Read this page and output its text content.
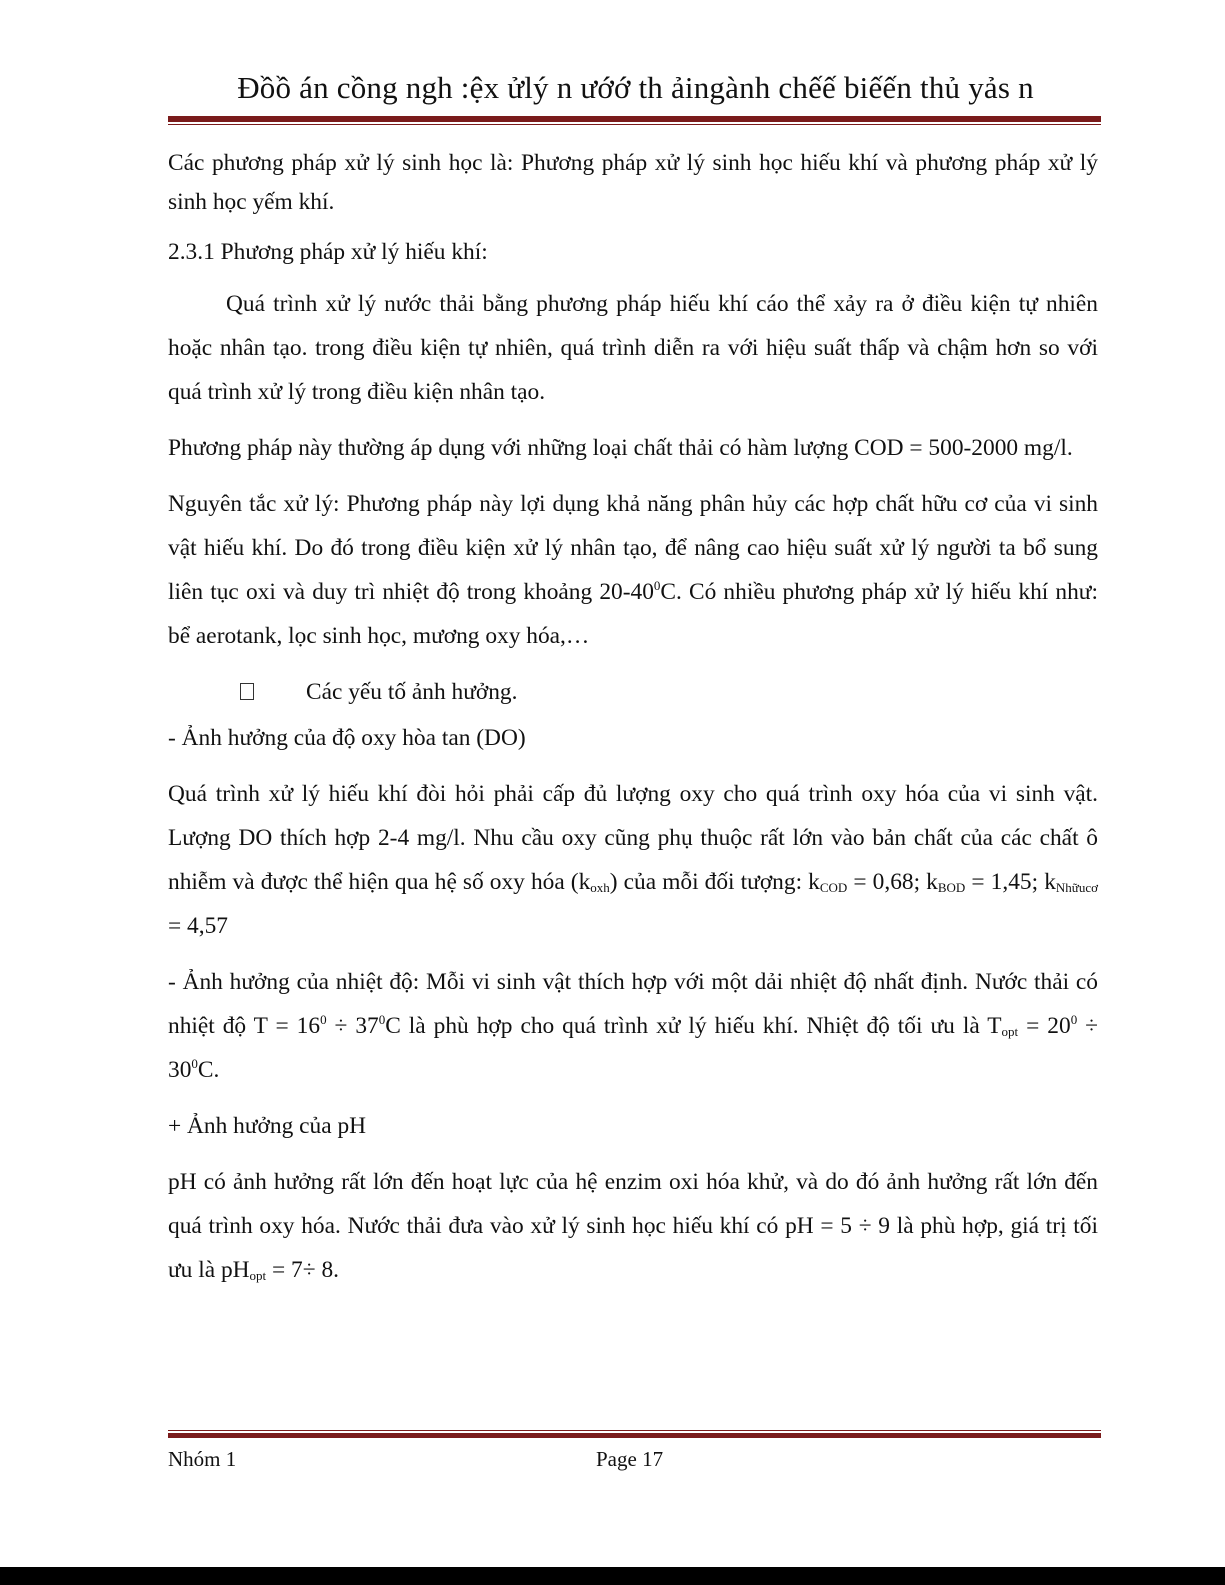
Đồồ án cồng ngh :ệx ửlý n ướớ th ảingành chếế biếến thủ yảs n

Các phương pháp xử lý sinh học là: Phương pháp xử lý sinh học hiếu khí và phương pháp xử lý sinh học yếm khí.

2.3.1 Phương pháp xử lý hiếu khí:

Quá trình xử lý nước thải bằng phương pháp hiếu khí cáo thể xảy ra ở điều kiện tự nhiên hoặc nhân tạo. trong điều kiện tự nhiên, quá trình diễn ra với hiệu suất thấp và chậm hơn so với quá trình xử lý trong điều kiện nhân tạo.

Phương pháp này thường áp dụng với những loại chất thải có hàm lượng COD = 500-2000 mg/l.

Nguyên tắc xử lý: Phương pháp này lợi dụng khả năng phân hủy các hợp chất hữu cơ của vi sinh vật hiếu khí. Do đó trong điều kiện xử lý nhân tạo, để nâng cao hiệu suất xử lý người ta bổ sung liên tục oxi và duy trì nhiệt độ trong khoảng $20-40^0C$. Có nhiều phương pháp xử lý hiếu khí như: bể aerotank, lọc sinh học, mương oxy hóa,…

Các yếu tố ảnh hưởng.

- Ảnh hưởng của độ oxy hòa tan (DO)

Quá trình xử lý hiếu khí đòi hỏi phải cấp đủ lượng oxy cho quá trình oxy hóa của vi sinh vật. Lượng DO thích hợp 2-4 mg/l. Nhu cầu oxy cũng phụ thuộc rất lớn vào bản chất của các chất ô nhiễm và được thể hiện qua hệ số oxy hóa $(k_{oxh})$ của mỗi đối tượng: $k_{COD} = 0,68$; $k_{BOD} = 1,45$; $k_{Nhữucơ} = 4,57$

- Ảnh hưởng của nhiệt độ: Mỗi vi sinh vật thích hợp với một dải nhiệt độ nhất định. Nước thải có nhiệt độ $T = 16^0 \div 37^0C$ là phù hợp cho quá trình xử lý hiếu khí. Nhiệt độ tối ưu là $T_{opt} = 20^0 \div 30^0C$.

+ Ảnh hưởng của pH

pH có ảnh hưởng rất lớn đến hoạt lực của hệ enzim oxi hóa khử, và do đó ảnh hưởng rất lớn đến quá trình oxy hóa. Nước thải đưa vào xử lý sinh học hiếu khí có pH = 5 ÷ 9 là phù hợp, giá trị tối ưu là $pH_{opt} = 7\div 8$.

Nhóm 1	Page 17
